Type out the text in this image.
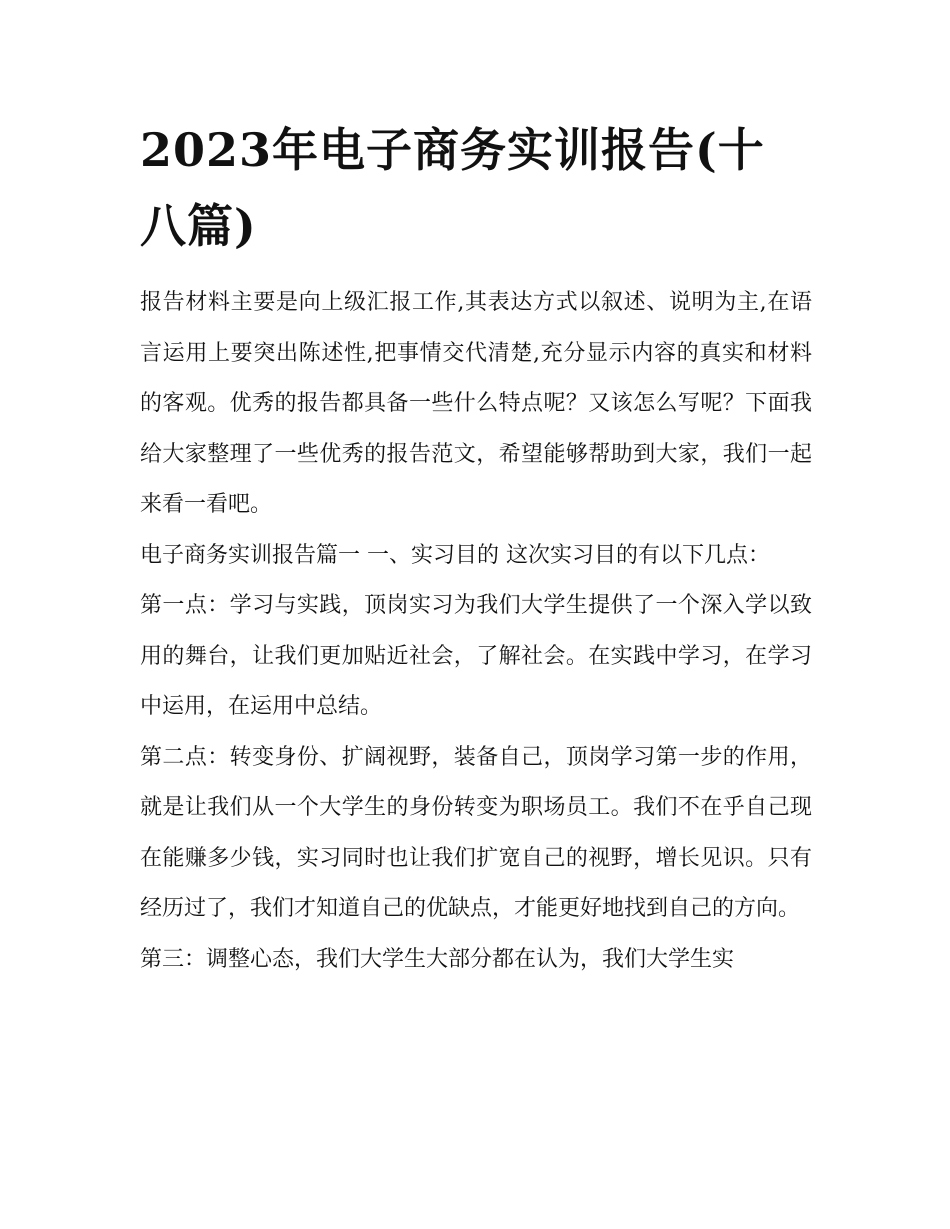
2023年电子商务实训报告(十
八篇)

报告材料主要是向上级汇报工作,其表达方式以叙述、说明为主,在语言运用上要突出陈述性,把事情交代清楚,充分显示内容的真实和材料的客观。优秀的报告都具备一些什么特点呢？又该怎么写呢？下面我给大家整理了一些优秀的报告范文，希望能够帮助到大家，我们一起来看一看吧。

电子商务实训报告篇一 一、实习目的 这次实习目的有以下几点：

第一点：学习与实践，顶岗实习为我们大学生提供了一个深入学以致用的舞台，让我们更加贴近社会，了解社会。在实践中学习，在学习中运用，在运用中总结。

第二点：转变身份、扩阔视野，装备自己，顶岗学习第一步的作用，就是让我们从一个大学生的身份转变为职场员工。我们不在乎自己现在能赚多少钱，实习同时也让我们扩宽自己的视野，增长见识。只有经历过了，我们才知道自己的优缺点，才能更好地找到自己的方向。

第三：调整心态，我们大学生大部分都在认为，我们大学生实
